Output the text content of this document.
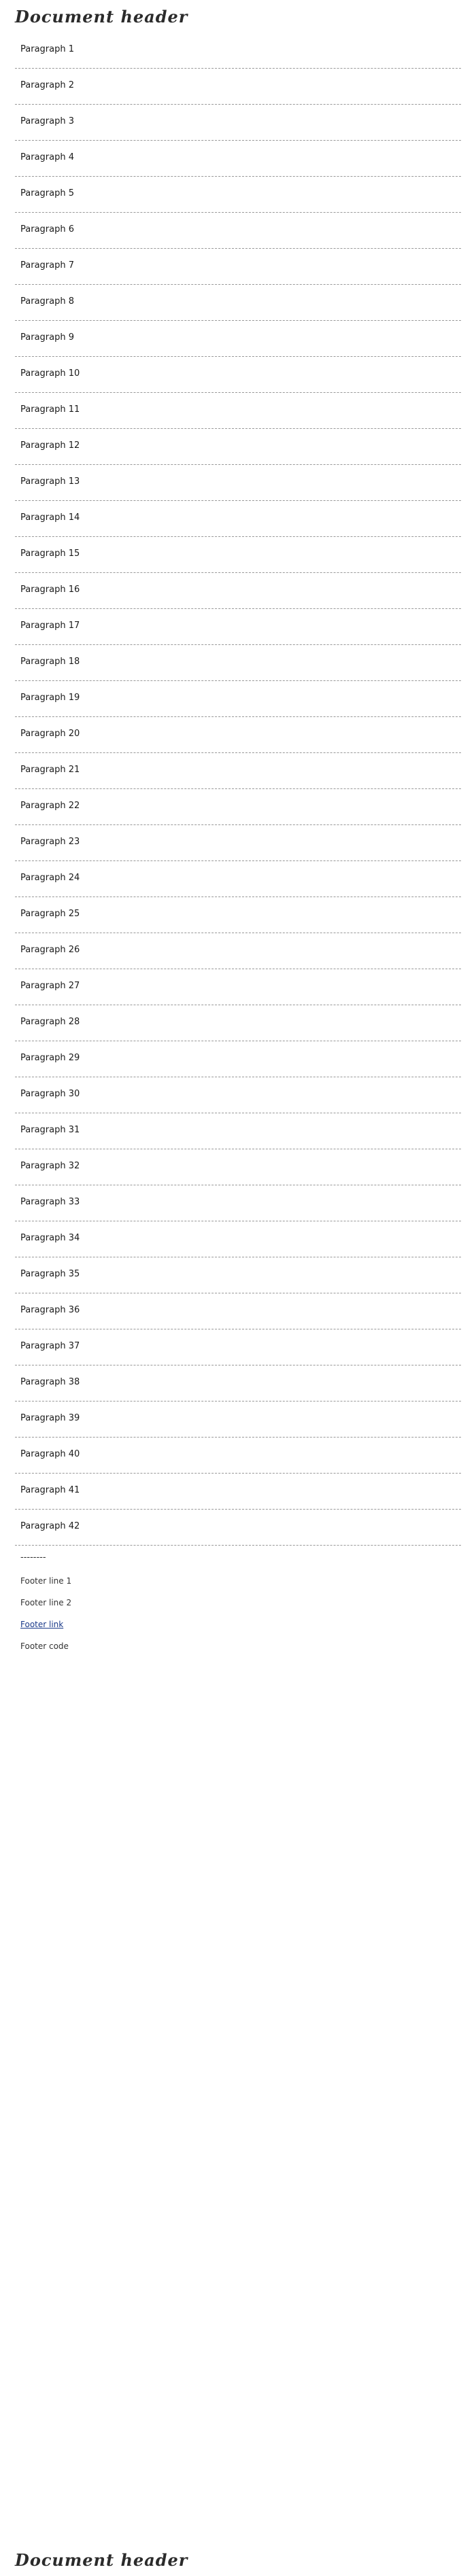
Document header
Paragraph 1
Paragraph 2
Paragraph 3
Paragraph 4
Paragraph 5
Paragraph 6
Paragraph 7
Paragraph 8
Paragraph 9
Paragraph 10
Paragraph 11
Paragraph 12
Paragraph 13
Paragraph 14
Paragraph 15
Paragraph 16
Paragraph 17
Paragraph 18
Paragraph 19
Paragraph 20
Paragraph 21
Paragraph 22
Paragraph 23
Paragraph 24
Paragraph 25
Paragraph 26
Paragraph 27
Paragraph 28
Paragraph 29
Paragraph 30
Paragraph 31
Paragraph 32
Paragraph 33
Paragraph 34
Paragraph 35
Paragraph 36
Paragraph 37
Paragraph 38
Paragraph 39
Paragraph 40
Paragraph 41
Paragraph 42
--------
Footer line 1
Footer line 2
Footer link
Footer code
Document header
